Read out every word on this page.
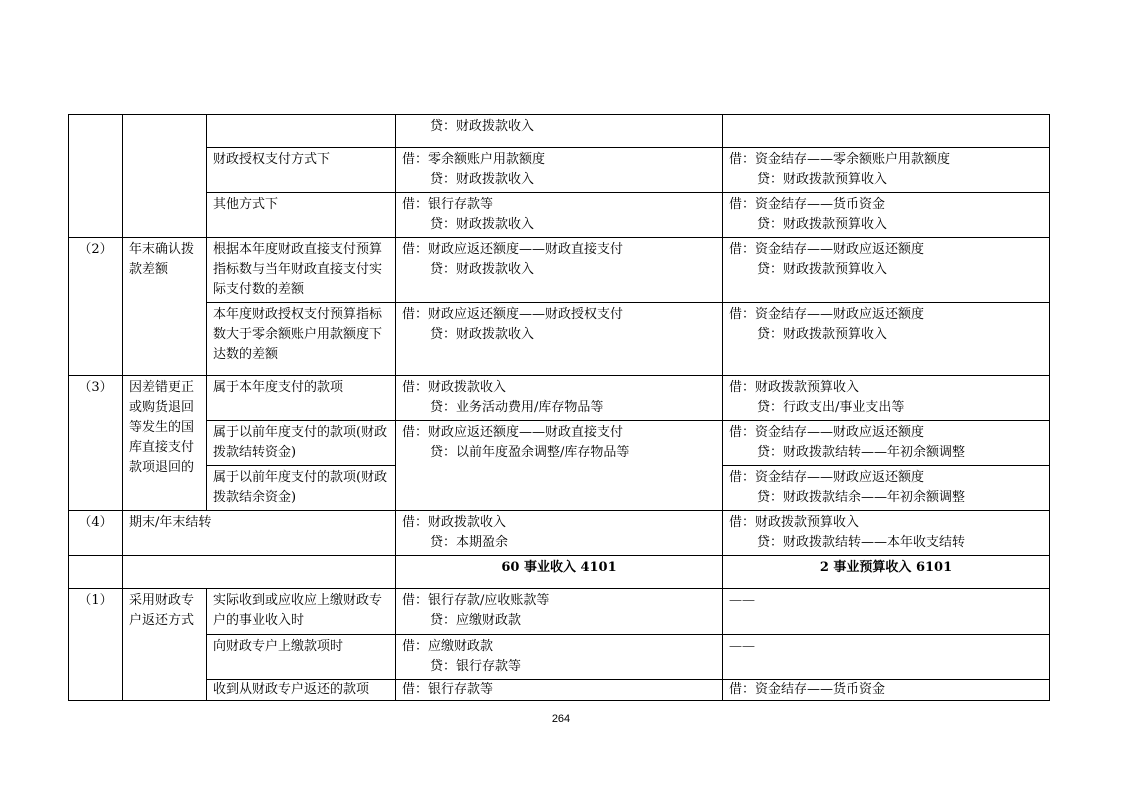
			贷：财政拨款收入	

		财政授权支付方式下	借：零余额账户用款额度
贷：财政拨款收入	借：资金结存——零余额账户用款额度
贷：财政拨款预算收入

		其他方式下	借：银行存款等
贷：财政拨款收入	借：资金结存——货币资金
贷：财政拨款预算收入

（2）	年末确认拨款差额	根据本年度财政直接支付预算指标数与当年财政直接支付实际支付数的差额	借：财政应返还额度——财政直接支付
贷：财政拨款收入	借：资金结存——财政应返还额度
贷：财政拨款预算收入

		本年度财政授权支付预算指标数大于零余额账户用款额度下达数的差额	借：财政应返还额度——财政授权支付
贷：财政拨款收入	借：资金结存——财政应返还额度
贷：财政拨款预算收入

（3）	因差错更正或购货退回等发生的国库直接支付款项退回的	属于本年度支付的款项	借：财政拨款收入
贷：业务活动费用/库存物品等	借：财政拨款预算收入
贷：行政支出/事业支出等

		属于以前年度支付的款项(财政拨款结转资金)	借：财政应返还额度——财政直接支付
贷：以前年度盈余调整/库存物品等	借：资金结存——财政应返还额度
贷：财政拨款结转——年初余额调整

		属于以前年度支付的款项(财政拨款结余资金)		借：资金结存——财政应返还额度
贷：财政拨款结余——年初余额调整

（4）	期末/年末结转		借：财政拨款收入
贷：本期盈余	借：财政拨款预算收入
贷：财政拨款结转——本年收支结转

			60 事业收入 4101	2 事业预算收入 6101
（1）	采用财政专户返还方式	实际收到或应收应上缴财政专户的事业收入时	借：银行存款/应收账款等
贷：应缴财政款	——
		向财政专户上缴款项时	借：应缴财政款
贷：银行存款等	——
		收到从财政专户返还的款项	借：银行存款等	借：资金结存——货币资金
264
